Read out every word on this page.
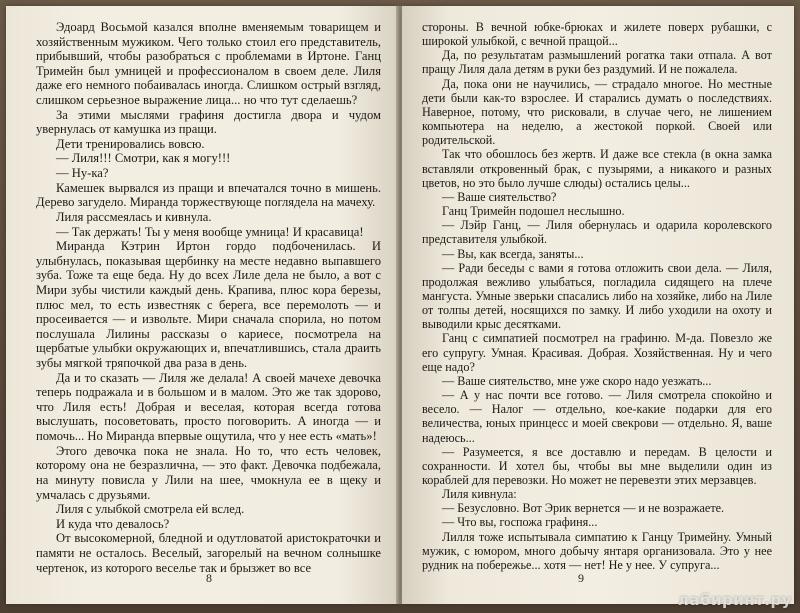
Эдоард Восьмой казался вполне вменяемым товарищем и хозяйственным мужиком. Чего только стоил его представитель, прибывший, чтобы разобраться с проблемами в Иртоне. Ганц Тримейн был умницей и профессионалом в своем деле. Лиля даже его немного побаивалась иногда. Слишком острый взгляд, слишком серьезное выражение лица... но что тут сделаешь?

За этими мыслями графиня достигла двора и чудом увернулась от камушка из пращи.

Дети тренировались вовсю.

— Лиля!!! Смотри, как я могу!!!

— Ну-ка?

Камешек вырвался из пращи и впечатался точно в мишень. Дерево загудело. Миранда торжествующе поглядела на мачеху.

Лиля рассмеялась и кивнула.

— Так держать! Ты у меня вообще умница! И красавица!

Миранда Кэтрин Иртон гордо подбоченилась. И улыбнулась, показывая щербинку на месте недавно выпавшего зуба. Тоже та еще беда. Ну до всех Лиле дела не было, а вот с Мири зубы чистили каждый день. Крапива, плюс кора березы, плюс мел, то есть известняк с берега, все перемолоть — и просеивается — и извольте. Мири сначала спорила, но потом послушала Лилины рассказы о кариесе, посмотрела на щербатые улыбки окружающих и, впечатлившись, стала драить зубы мягкой тряпочкой два раза в день.

Да и то сказать — Лиля же делала! А своей мачехе девочка теперь подражала и в большом и в малом. Это же так здорово, что Лиля есть! Добрая и веселая, которая всегда готова выслушать, посоветовать, просто поговорить. А иногда — и помочь... Но Миранда впервые ощутила, что у нее есть «мать»!

Этого девочка пока не знала. Но то, что есть человек, которому она не безразлична, — это факт. Девочка подбежала, на минуту повисла у Лили на шее, чмокнула ее в щеку и умчалась с друзьями.

Лиля с улыбкой смотрела ей вслед.

И куда что девалось?

От высокомерной, бледной и одутловатой аристократочки и памяти не осталось. Веселый, загорелый на вечном солнышке чертенок, из которого веселье так и брызжет во все

8

стороны. В вечной юбке-брюках и жилете поверх рубашки, с широкой улыбкой, с вечной пращой...

Да, по результатам размышлений рогатка таки отпала. А вот пращу Лиля дала детям в руки без раздумий. И не пожалела.

Да, пока они не научились, — страдало многое. Но местные дети были как-то взрослее. И старались думать о последствиях. Наверное, потому, что рисковали, в случае чего, не лишением компьютера на неделю, а жестокой поркой. Своей или родительской.

Так что обошлось без жертв. И даже все стекла (в окна замка вставляли откровенный брак, с пузырями, а никакого и разных цветов, но это было лучше слюды) остались целы...

— Ваше сиятельство?

Ганц Тримейн подошел неслышно.

— Лэйр Ганц, — Лиля обернулась и одарила королевского представителя улыбкой.

— Вы, как всегда, заняты...

— Ради беседы с вами я готова отложить свои дела. — Лиля, продолжая вежливо улыбаться, погладила сидящего на плече мангуста. Умные зверьки спасались либо на хозяйке, либо на Лиле от толпы детей, носящихся по замку. И либо уходили на охоту и выводили крыс десятками.

Ганц с симпатией посмотрел на графиню. М-да. Повезло же его супругу. Умная. Красивая. Добрая. Хозяйственная. Ну и чего еще надо?

— Ваше сиятельство, мне уже скоро надо уезжать...

— А у нас почти все готово. — Лиля смотрела спокойно и весело. — Налог — отдельно, кое-какие подарки для его величества, юных принцесс и моей свекрови — отдельно. Я, ваше надеюсь...

— Разумеется, я все доставлю и передам. В целости и сохранности. И хотел бы, чтобы вы мне выделили один из кораблей для перевозки. Но может не перевезти этих мерзавцев.

Лиля кивнула:

— Безусловно. Вот Эрик вернется — и не возражаете.

— Что вы, госпожа графиня...

Лилля тоже испытывала симпатию к Ганцу Тримейну. Умный мужик, с юмором, много добычу янтаря организовала. Это у нее рудник на побережье... хотя — нет! Не у нее. У супруга...

9
лабиринт.ру
